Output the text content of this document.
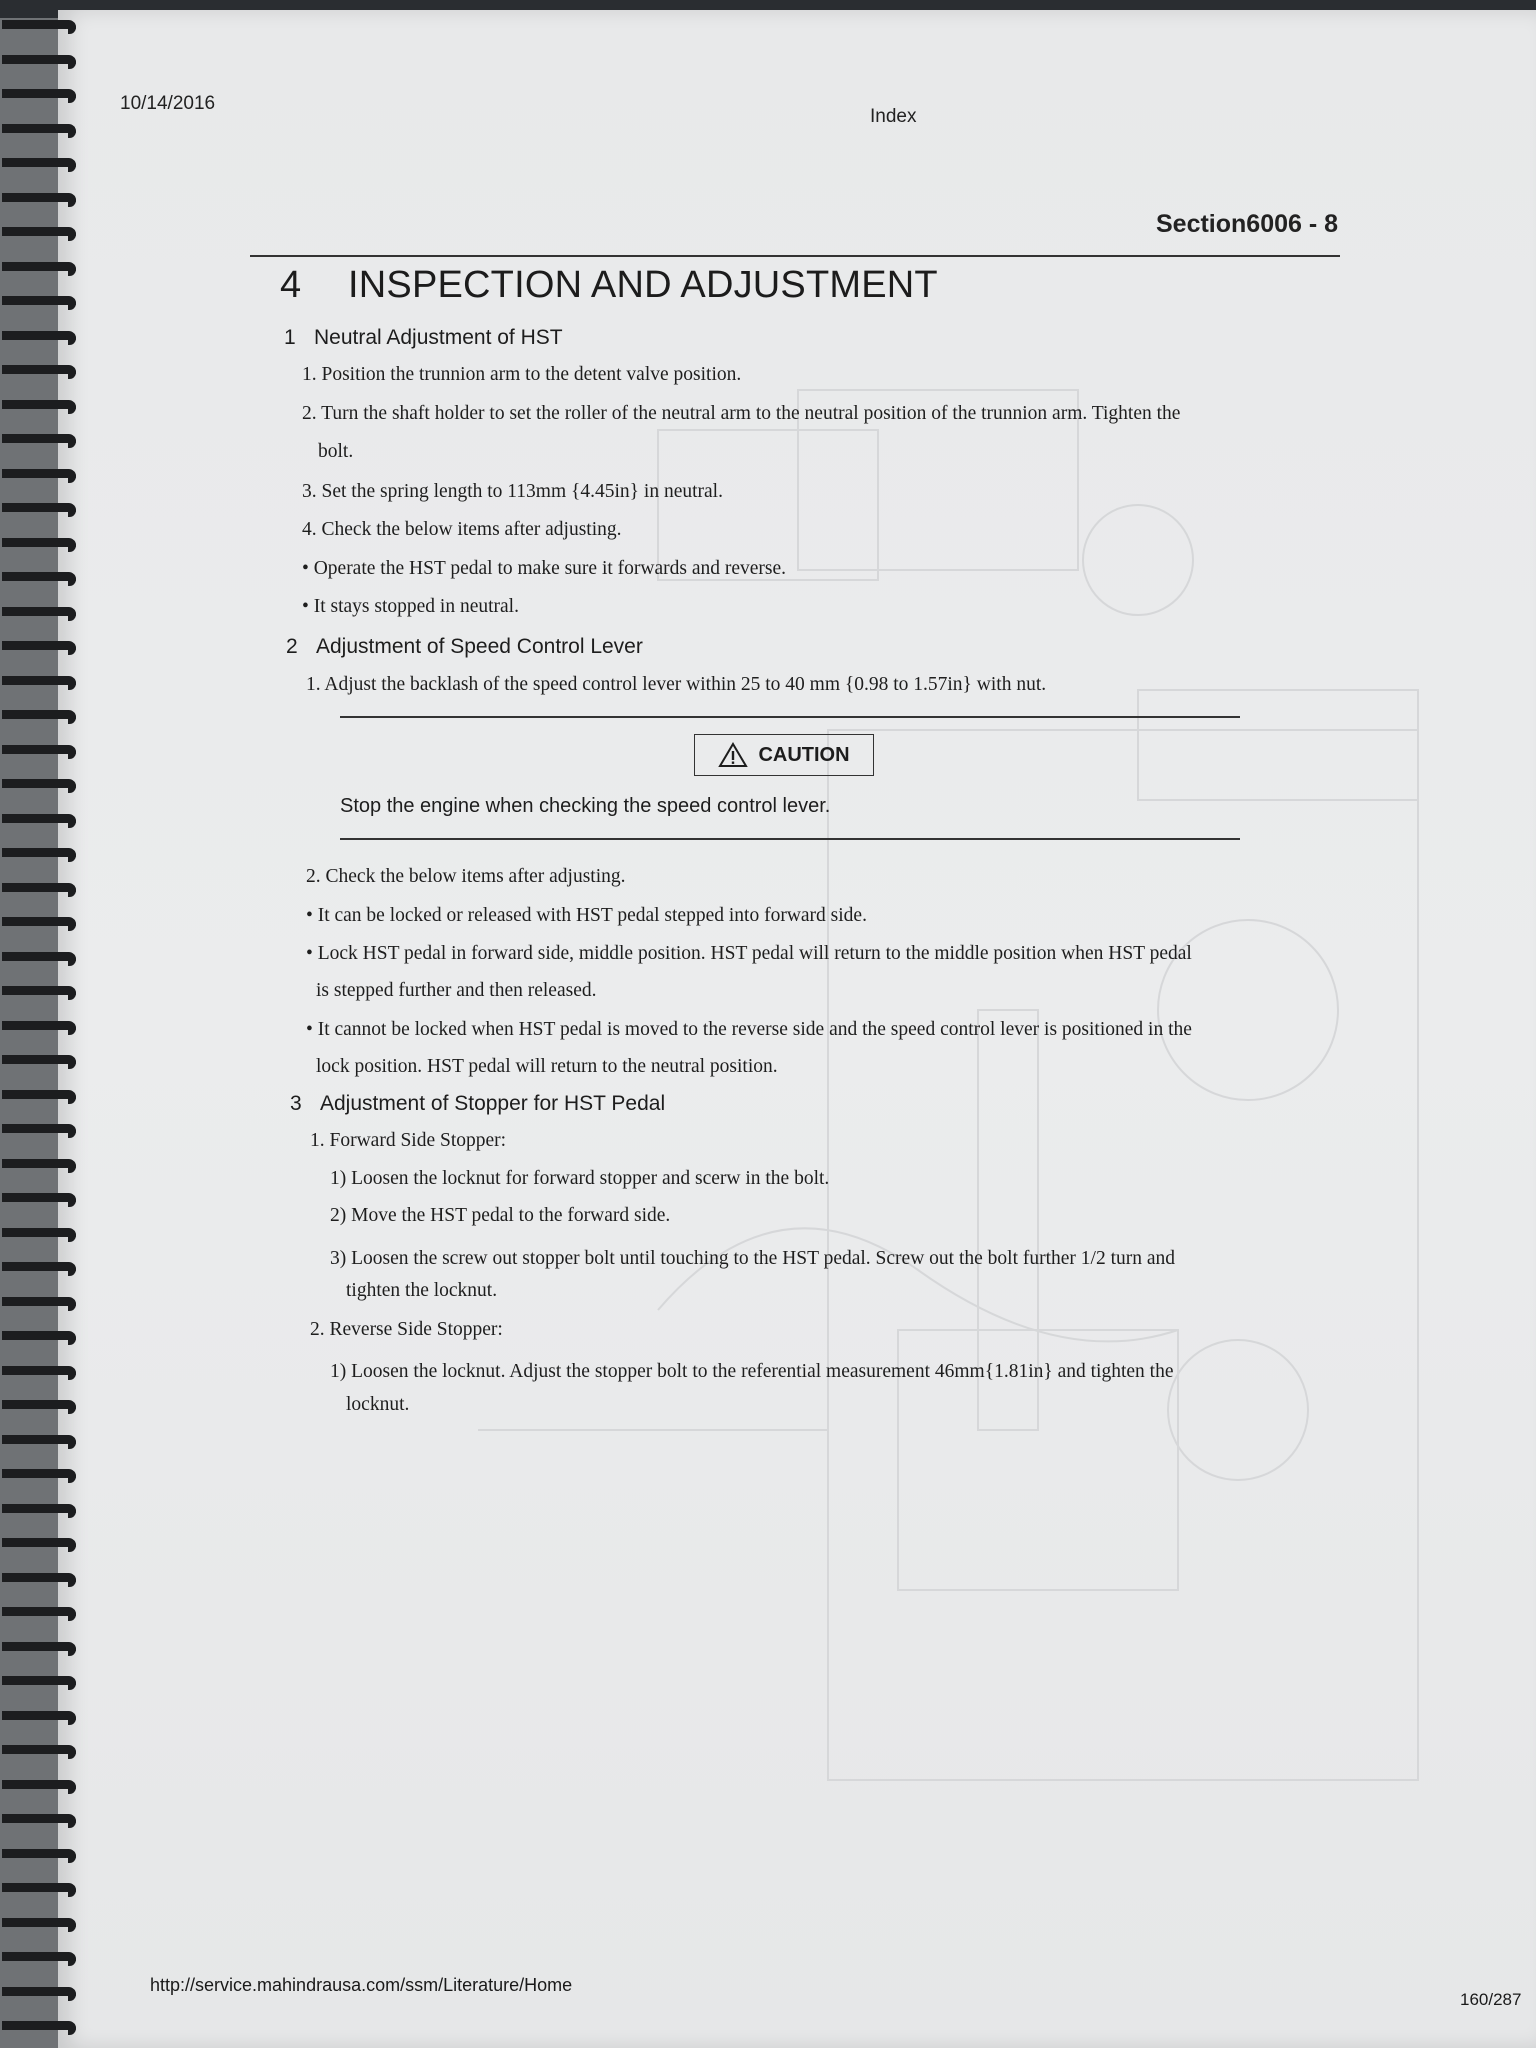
10/14/2016
Index
Section6006 - 8
4 INSPECTION AND ADJUSTMENT
1 Neutral Adjustment of HST
1. Position the trunnion arm to the detent valve position.
2. Turn the shaft holder to set the roller of the neutral arm to the neutral position of the trunnion arm. Tighten the
bolt.
3. Set the spring length to 113mm {4.45in} in neutral.
4. Check the below items after adjusting.
• Operate the HST pedal to make sure it forwards and reverse.
• It stays stopped in neutral.
2 Adjustment of Speed Control Lever
1. Adjust the backlash of the speed control lever within 25 to 40 mm {0.98 to 1.57in} with nut.
CAUTION
Stop the engine when checking the speed control lever.
2. Check the below items after adjusting.
• It can be locked or released with HST pedal stepped into forward side.
• Lock HST pedal in forward side, middle position. HST pedal will return to the middle position when HST pedal
is stepped further and then released.
• It cannot be locked when HST pedal is moved to the reverse side and the speed control lever is positioned in the
lock position. HST pedal will return to the neutral position.
3 Adjustment of Stopper for HST Pedal
1. Forward Side Stopper:
1) Loosen the locknut for forward stopper and scerw in the bolt.
2) Move the HST pedal to the forward side.
3) Loosen the screw out stopper bolt until touching to the HST pedal. Screw out the bolt further 1/2 turn and
tighten the locknut.
2. Reverse Side Stopper:
1) Loosen the locknut. Adjust the stopper bolt to the referential measurement 46mm{1.81in} and tighten the
locknut.
http://service.mahindrausa.com/ssm/Literature/Home
160/287
